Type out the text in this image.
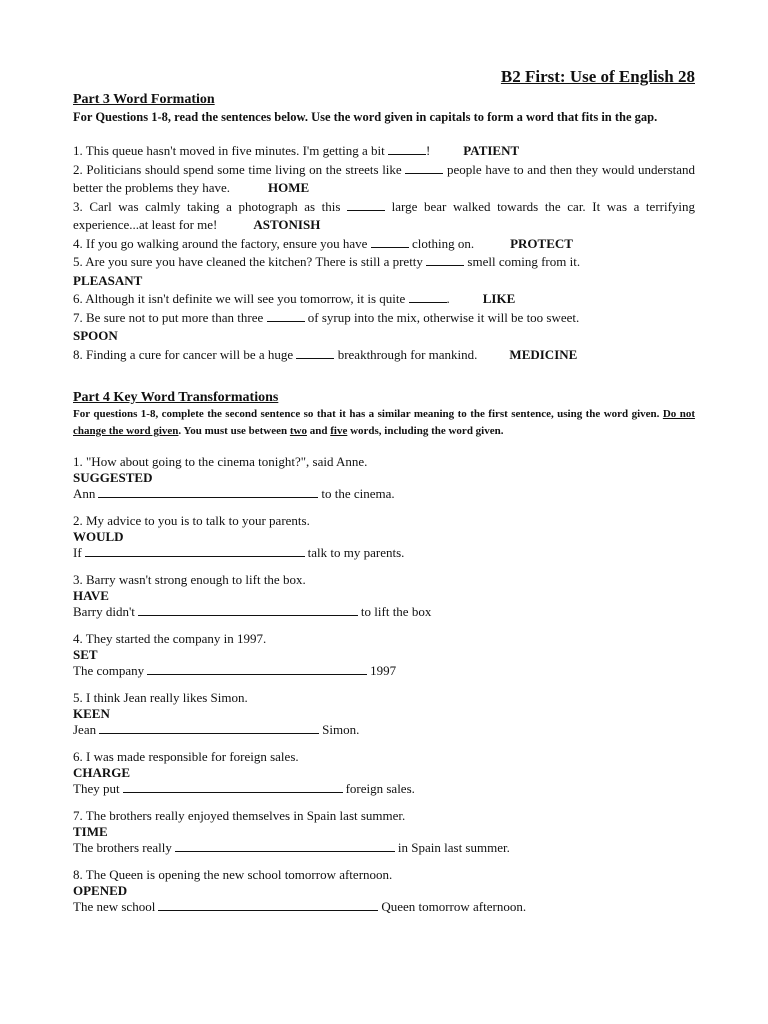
B2 First: Use of English 28
Part 3 Word Formation
For Questions 1-8, read the sentences below. Use the word given in capitals to form a word that fits in the gap.
1. This queue hasn't moved in five minutes. I'm getting a bit	!	PATIENT
2. Politicians should spend some time living on the streets like	people have to and then they would understand better the problems they have.	HOME
3. Carl was calmly taking a photograph as this	large bear walked towards the car. It was a terrifying experience...at least for me!	ASTONISH
4. If you go walking around the factory, ensure you have	clothing on.	PROTECT
5. Are you sure you have cleaned the kitchen? There is still a pretty	smell coming from it.
PLEASANT
6. Although it isn't definite we will see you tomorrow, it is quite	.	LIKE
7. Be sure not to put more than three	of syrup into the mix, otherwise it will be too sweet.
SPOON
8. Finding a cure for cancer will be a huge	breakthrough for mankind. MEDICINE
Part 4 Key Word Transformations
For questions 1-8, complete the second sentence so that it has a similar meaning to the first sentence, using the word given. Do not change the word given. You must use between two and five words, including the word given.
1. "How about going to the cinema tonight?", said Anne.
SUGGESTED
Ann	to the cinema.
2. My advice to you is to talk to your parents.
WOULD
If	talk to my parents.
3. Barry wasn't strong enough to lift the box.
HAVE
Barry didn't	to lift the box
4. They started the company in 1997.
SET
The company	1997
5. I think Jean really likes Simon.
KEEN
Jean	Simon.
6. I was made responsible for foreign sales.
CHARGE
They put	foreign sales.
7. The brothers really enjoyed themselves in Spain last summer.
TIME
The brothers really	in Spain last summer.
8. The Queen is opening the new school tomorrow afternoon.
OPENED
The new school	Queen tomorrow afternoon.
